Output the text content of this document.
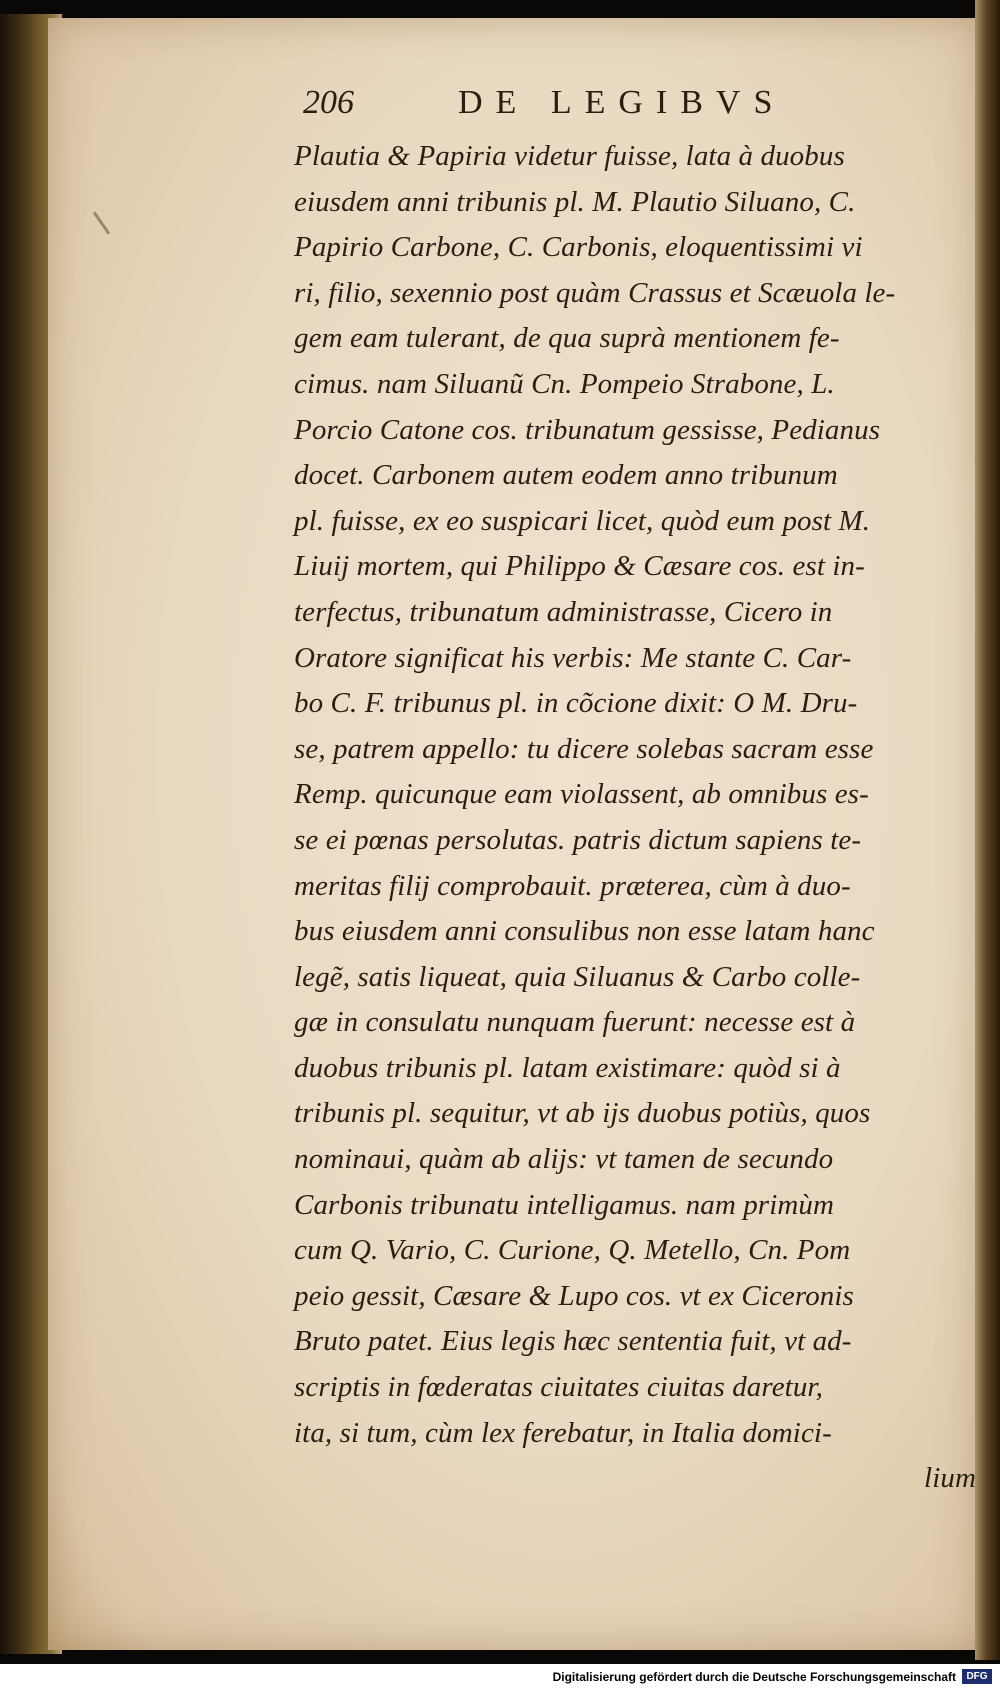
206	DE LEGIBVS
Plautia & Papiria videtur fuisse, lata à duobus
eiusdem anni tribunis pl. M. Plautio Siluano, C.
Papirio Carbone, C. Carbonis, eloquentissimi vi
ri, filio, sexennio post quàm Crassus et Scæuola le-
gem eam tulerant, de qua suprà mentionem fe-
cimus. nam Siluanũ Cn. Pompeio Strabone, L.
Porcio Catone cos. tribunatum gessisse, Pedianus
docet. Carbonem autem eodem anno tribunum
pl. fuisse, ex eo suspicari licet, quòd eum post M.
Liuij mortem, qui Philippo & Cæsare cos. est in-
terfectus, tribunatum administrasse, Cicero in
Oratore significat his verbis: Me stante C. Car-
bo C. F. tribunus pl. in cõcione dixit: O M. Dru-
se, patrem appello: tu dicere solebas sacram esse
Remp. quicunque eam violassent, ab omnibus es-
se ei pœnas persolutas. patris dictum sapiens te-
meritas filij comprobauit. præterea, cùm à duo-
bus eiusdem anni consulibus non esse latam hanc
legẽ, satis liqueat, quia Siluanus & Carbo colle-
gæ in consulatu nunquam fuerunt: necesse est à
duobus tribunis pl. latam existimare: quòd si à
tribunis pl. sequitur, vt ab ijs duobus potiùs, quos
nominaui, quàm ab alijs: vt tamen de secundo
Carbonis tribunatu intelligamus. nam primùm
cum Q. Vario, C. Curione, Q. Metello, Cn. Pom
peio gessit, Cæsare & Lupo cos. vt ex Ciceronis
Bruto patet. Eius legis hæc sententia fuit, vt ad-
scriptis in fœderatas ciuitates ciuitas daretur,
ita, si tum, cùm lex ferebatur, in Italia domici-
lium
Digitalisierung gefördert durch die Deutsche Forschungsgemeinschaft	DFG
